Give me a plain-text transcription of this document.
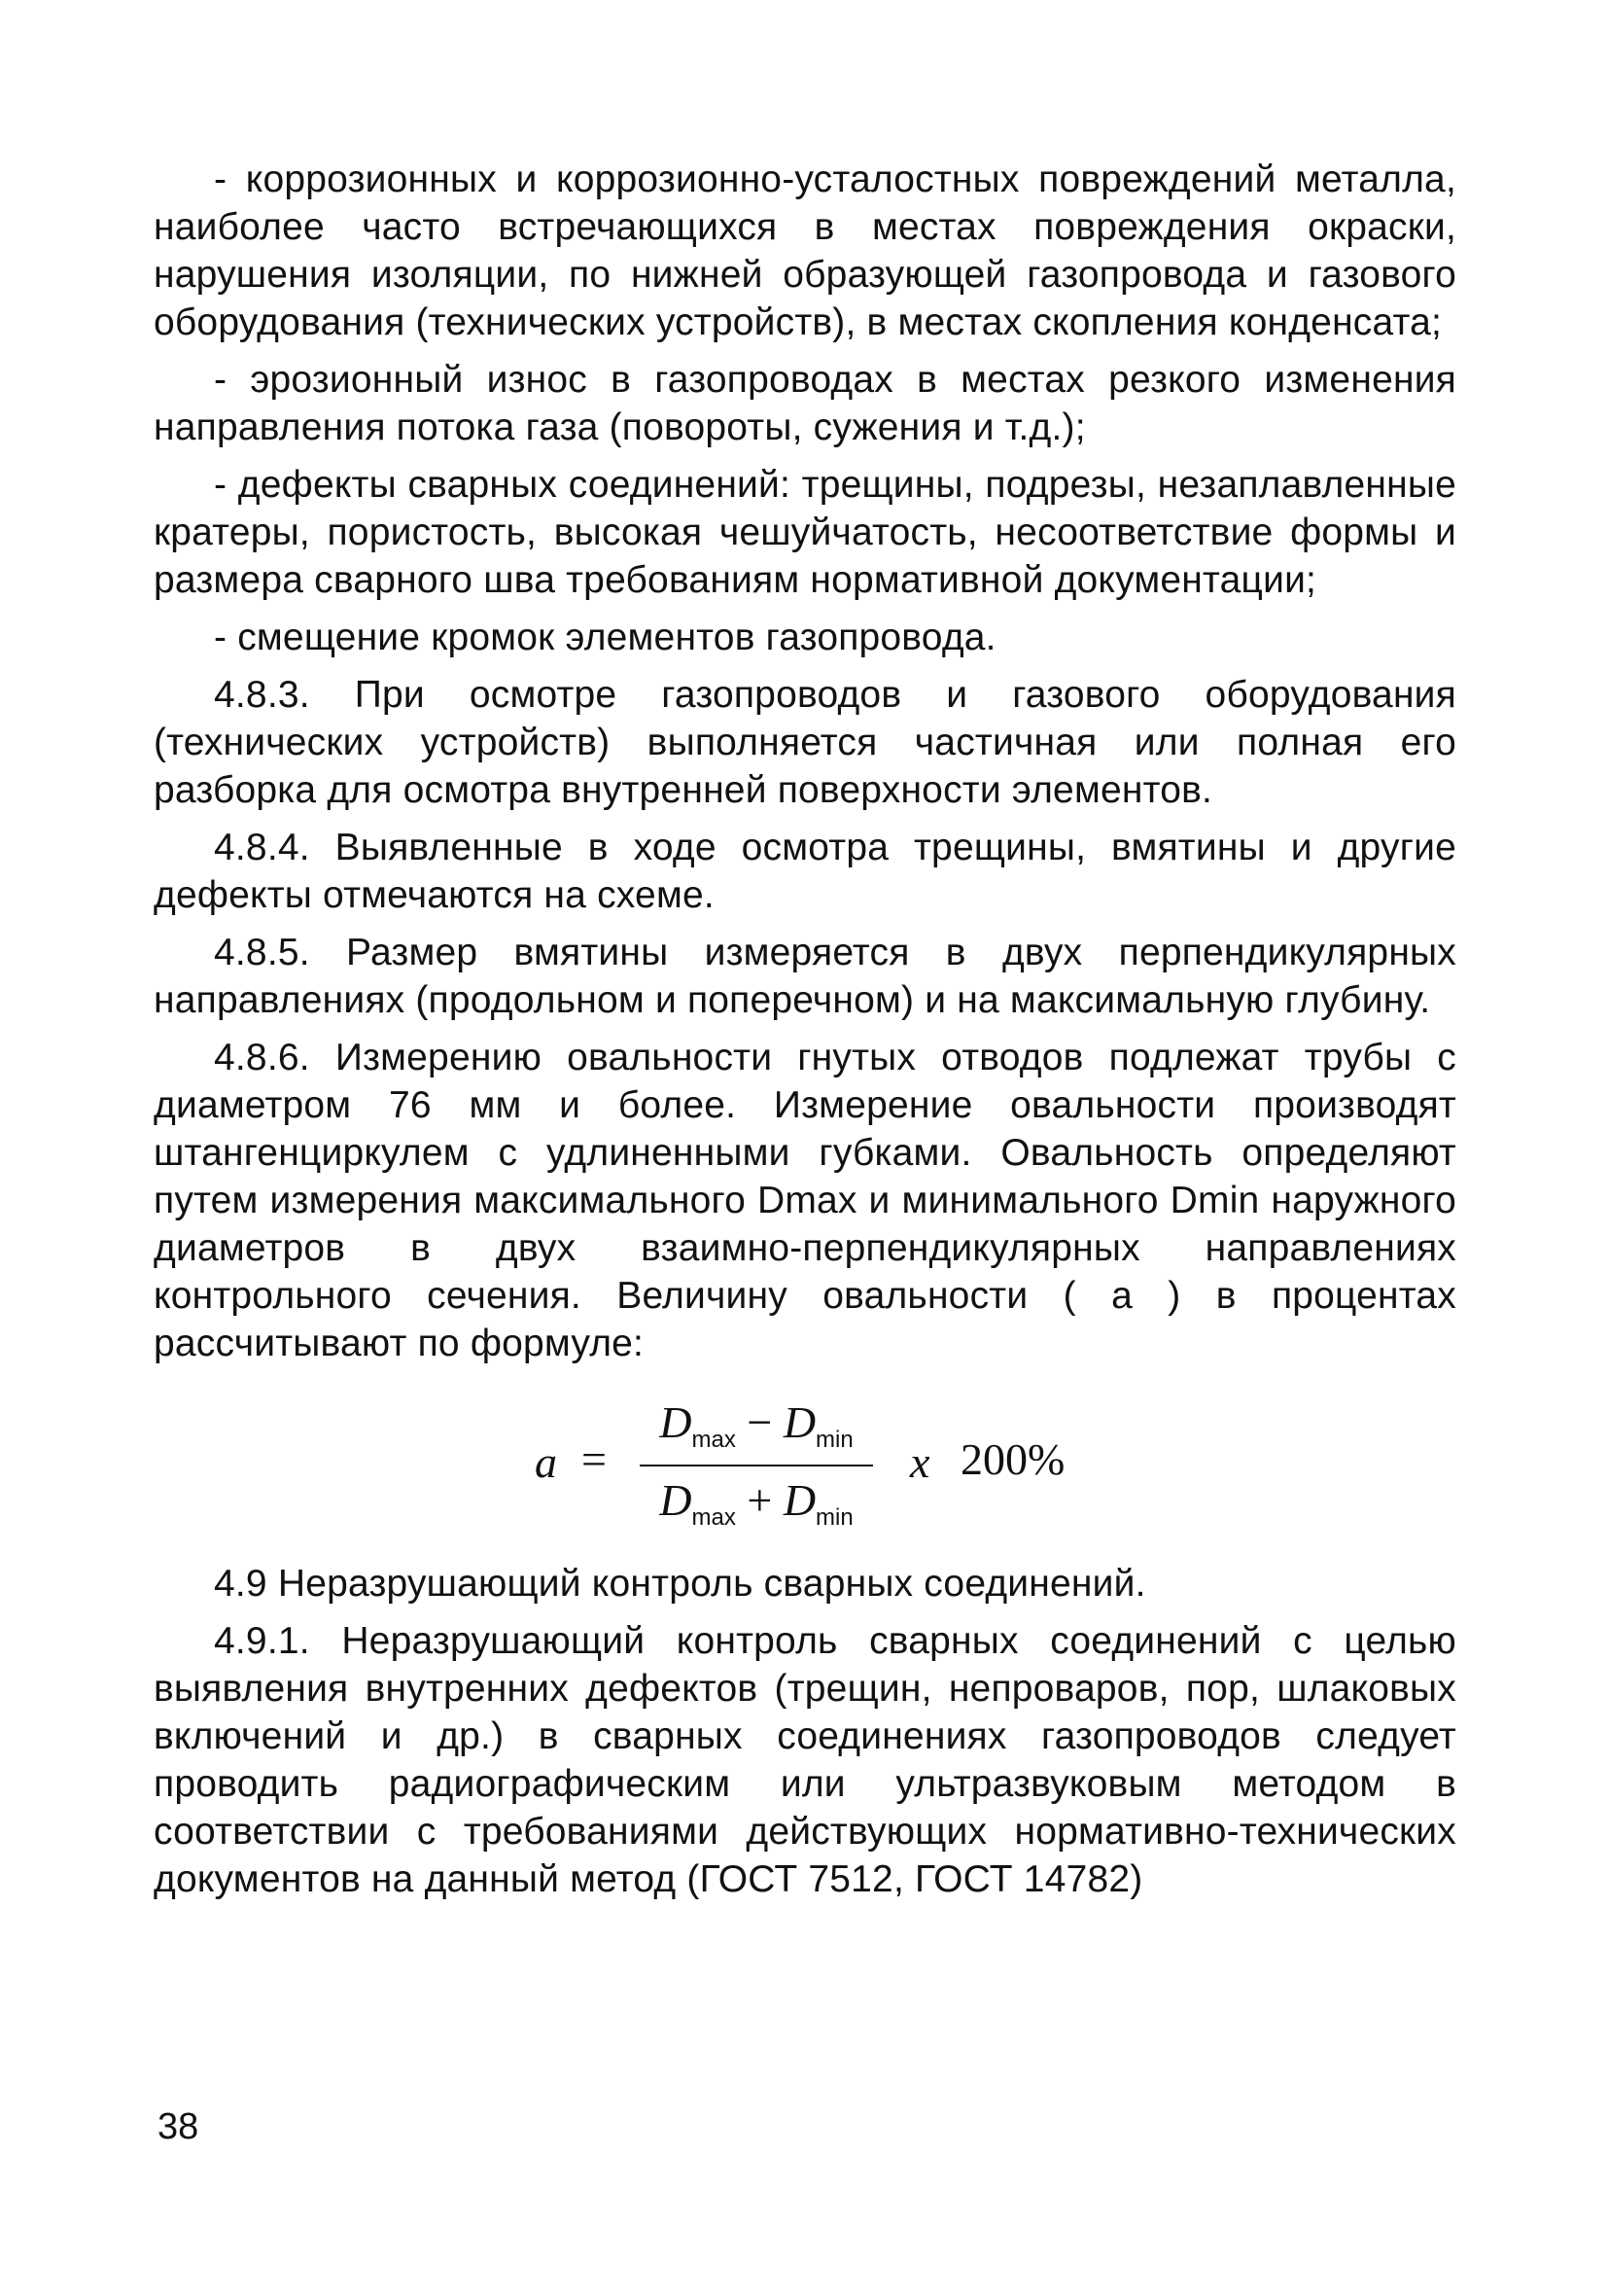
- коррозионных и коррозионно-усталостных повреждений металла, наиболее часто встречающихся в местах повреждения окраски, нарушения изоляции, по нижней образующей газопровода и газового оборудования (технических устройств), в местах скопления конденсата;

- эрозионный износ в газопроводах в местах резкого изменения направления потока газа (повороты, сужения и т.д.);

- дефекты сварных соединений: трещины, подрезы, незаплавленные кратеры, пористость, высокая чешуйчатость, несоответствие формы и размера сварного шва требованиям нормативной документации;

- смещение кромок элементов газопровода.

4.8.3. При осмотре газопроводов и газового оборудования (технических устройств) выполняется частичная или полная его разборка для осмотра внутренней поверхности элементов.

4.8.4. Выявленные в ходе осмотра трещины, вмятины и другие дефекты отмечаются на схеме.

4.8.5. Размер вмятины измеряется в двух перпендикулярных направлениях (продольном и поперечном) и на максимальную глубину.

4.8.6. Измерению овальности гнутых отводов подлежат трубы с диаметром 76 мм и более. Измерение овальности производят штангенциркулем с удлиненными губками. Овальность определяют путем измерения максимального Dmax и минимального Dmin наружного диаметров в двух взаимно-перпендикулярных направлениях контрольного сечения. Величину овальности ( a ) в процентах рассчитывают по формуле:

a =
$D_{max} - D_{min}$
$D_{max} + D_{min}$
x 200%

4.9 Неразрушающий контроль сварных соединений.

4.9.1. Неразрушающий контроль сварных соединений с целью выявления внутренних дефектов (трещин, непроваров, пор, шлаковых включений и др.) в сварных соединениях газопроводов следует проводить радиографическим или ультразвуковым методом в соответствии с требованиями действующих нормативно-технических документов на данный метод (ГОСТ 7512, ГОСТ 14782)

38
